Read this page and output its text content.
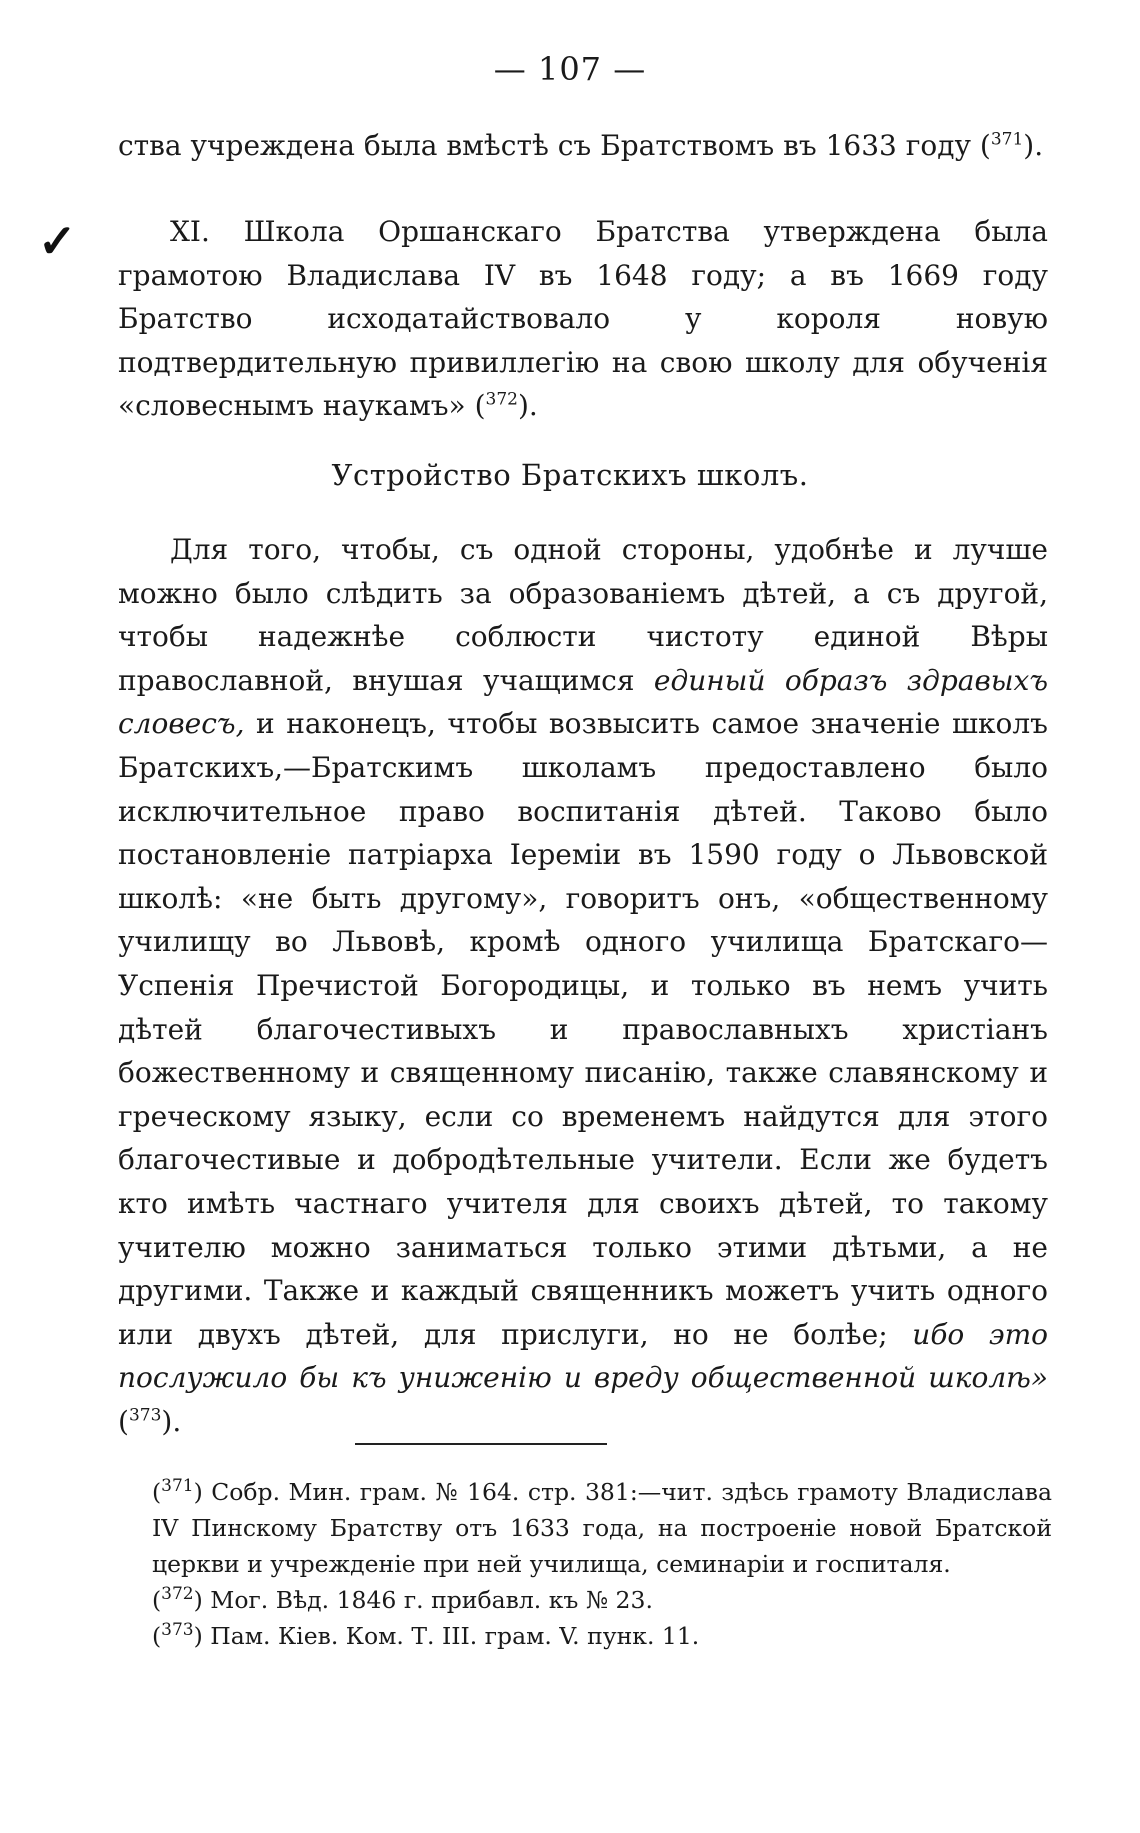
— 107 —
✓
ства учреждена была вмѣстѣ съ Братствомъ въ 1633 году ($^{371}$).
XI. Школа Оршанскаго Братства утверждена была грамотою Владислава IV въ 1648 году; а въ 1669 году Братство исходатайствовало у короля новую подтвердительную привиллегію на свою школу для обученія «словеснымъ наукамъ» ($^{372}$).
Устройство Братскихъ школъ.
Для того, чтобы, съ одной стороны, удобнѣе и лучше можно было слѣдить за образованіемъ дѣтей, а съ другой, чтобы надежнѣе соблюсти чистоту единой Вѣры православной, внушая учащимся единый образъ здравыхъ словесъ, и наконецъ, чтобы возвысить самое значеніе школъ Братскихъ,—Братскимъ школамъ предоставлено было исключительное право воспитанія дѣтей. Таково было постановленіе патріарха Іереміи въ 1590 году о Львовской школѣ: «не быть другому», говоритъ онъ, «общественному училищу во Львовѣ, кромѣ одного училища Братскаго—Успенія Пречистой Богородицы, и только въ немъ учить дѣтей благочестивыхъ и православныхъ христіанъ божественному и священному писанію, также славянскому и греческому языку, если со временемъ найдутся для этого благочестивые и добродѣтельные учители. Если же будетъ кто имѣть частнаго учителя для своихъ дѣтей, то такому учителю можно заниматься только этими дѣтьми, а не другими. Также и каждый священникъ можетъ учить одного или двухъ дѣтей, для прислуги, но не болѣе; ибо это послужило бы къ униженію и вреду общественной школѣ» ($^{373}$).
($^{371}$) Собр. Мин. грам. № 164. стр. 381:—чит. здѣсь грамоту Владислава IV Пинскому Братству отъ 1633 года, на построеніе новой Братской церкви и учрежденіе при ней училища, семинаріи и госпиталя.
($^{372}$) Мог. Вѣд. 1846 г. прибавл. къ № 23.
($^{373}$) Пам. Кіев. Ком. Т. III. грам. V. пунк. 11.
